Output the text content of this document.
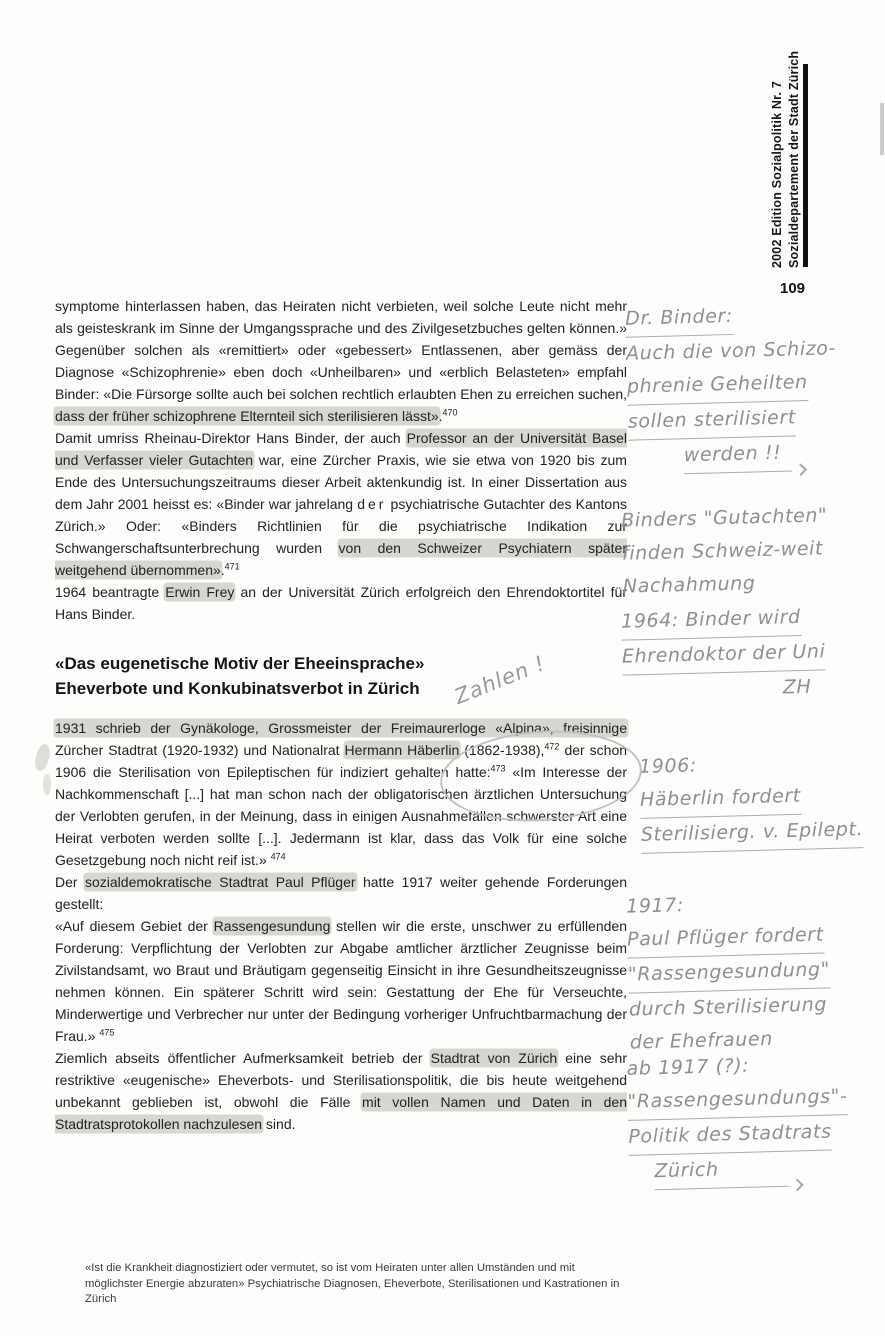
2002 Edition Sozialpolitik Nr. 7 Sozialdepartement der Stadt Zürich
109

symptome hinterlassen haben, das Heiraten nicht verbieten, weil solche Leute nicht mehr als geisteskrank im Sinne der Umgangssprache und des Zivilgesetzbuches gelten können.» Gegenüber solchen als «remittiert» oder «gebessert» Entlassenen, aber gemäss der Diagnose «Schizophrenie» eben doch «Unheilbaren» und «erblich Belasteten» empfahl Binder: «Die Fürsorge sollte auch bei solchen rechtlich erlaubten Ehen zu erreichen suchen, dass der früher schizophrene Elternteil sich sterilisieren lässt».$^{470}$

Damit umriss Rheinau-Direktor Hans Binder, der auch Professor an der Universität Basel und Verfasser vieler Gutachten war, eine Zürcher Praxis, wie sie etwa von 1920 bis zum Ende des Untersuchungszeitraums dieser Arbeit aktenkundig ist. In einer Dissertation aus dem Jahr 2001 heisst es: «Binder war jahrelang der psychiatrische Gutachter des Kantons Zürich.» Oder: «Binders Richtlinien für die psychiatrische Indikation zur Schwangerschaftsunterbrechung wurden von den Schweizer Psychiatern später weitgehend übernommen».$^{471}$

1964 beantragte Erwin Frey an der Universität Zürich erfolgreich den Ehrendoktortitel für Hans Binder.

«Das eugenetische Motiv der Eheeinsprache»
Eheverbote und Konkubinatsverbot in Zürich

1931 schrieb der Gynäkologe, Grossmeister der Freimaurerloge «Alpina», freisinnige Zürcher Stadtrat (1920-1932) und Nationalrat Hermann Häberlin (1862-1938),$^{472}$ der schon 1906 die Sterilisation von Epileptischen für indiziert gehalten hatte:$^{473}$ «Im Interesse der Nachkommenschaft [...] hat man schon nach der obligatorischen ärztlichen Untersuchung der Verlobten gerufen, in der Meinung, dass in einigen Ausnahmefällen schwerster Art eine Heirat verboten werden sollte [...]. Jedermann ist klar, dass das Volk für eine solche Gesetzgebung noch nicht reif ist.» $^{474}$

Der sozialdemokratische Stadtrat Paul Pflüger hatte 1917 weiter gehende Forderungen gestellt:

«Auf diesem Gebiet der Rassengesundung stellen wir die erste, unschwer zu erfüllenden Forderung: Verpflichtung der Verlobten zur Abgabe amtlicher ärztlicher Zeugnisse beim Zivilstandsamt, wo Braut und Bräutigam gegenseitig Einsicht in ihre Gesundheitszeugnisse nehmen können. Ein späterer Schritt wird sein: Gestattung der Ehe für Verseuchte, Minderwertige und Verbrecher nur unter der Bedingung vorheriger Unfruchtbarmachung der Frau.» $^{475}$

Ziemlich abseits öffentlicher Aufmerksamkeit betrieb der Stadtrat von Zürich eine sehr restriktive «eugenische» Eheverbots- und Sterilisationspolitik, die bis heute weitgehend unbekannt geblieben ist, obwohl die Fälle mit vollen Namen und Daten in den Stadtratsprotokollen nachzulesen sind.

«Ist die Krankheit diagnostiziert oder vermutet, so ist vom Heiraten unter allen Umständen und mit möglichster Energie abzuraten» Psychiatrische Diagnosen, Eheverbote, Sterilisationen und Kastrationen in Zürich
Dr. Binder:
Auch die von Schizo-
phrenie Geheilten
sollen sterilisiert
werden !!
Binders "Gutachten"
finden Schweiz-weit
Nachahmung
1964: Binder wird
Ehrendoktor der Uni
ZH
1906:
Häberlin fordert
Sterilisierg. v. Epilept.
1917:
Paul Pflüger fordert
"Rassengesundung"
durch Sterilisierung
der Ehefrauen
ab 1917 (?):
"Rassengesundungs"-
Politik des Stadtrats
Zürich
Zahlen !
